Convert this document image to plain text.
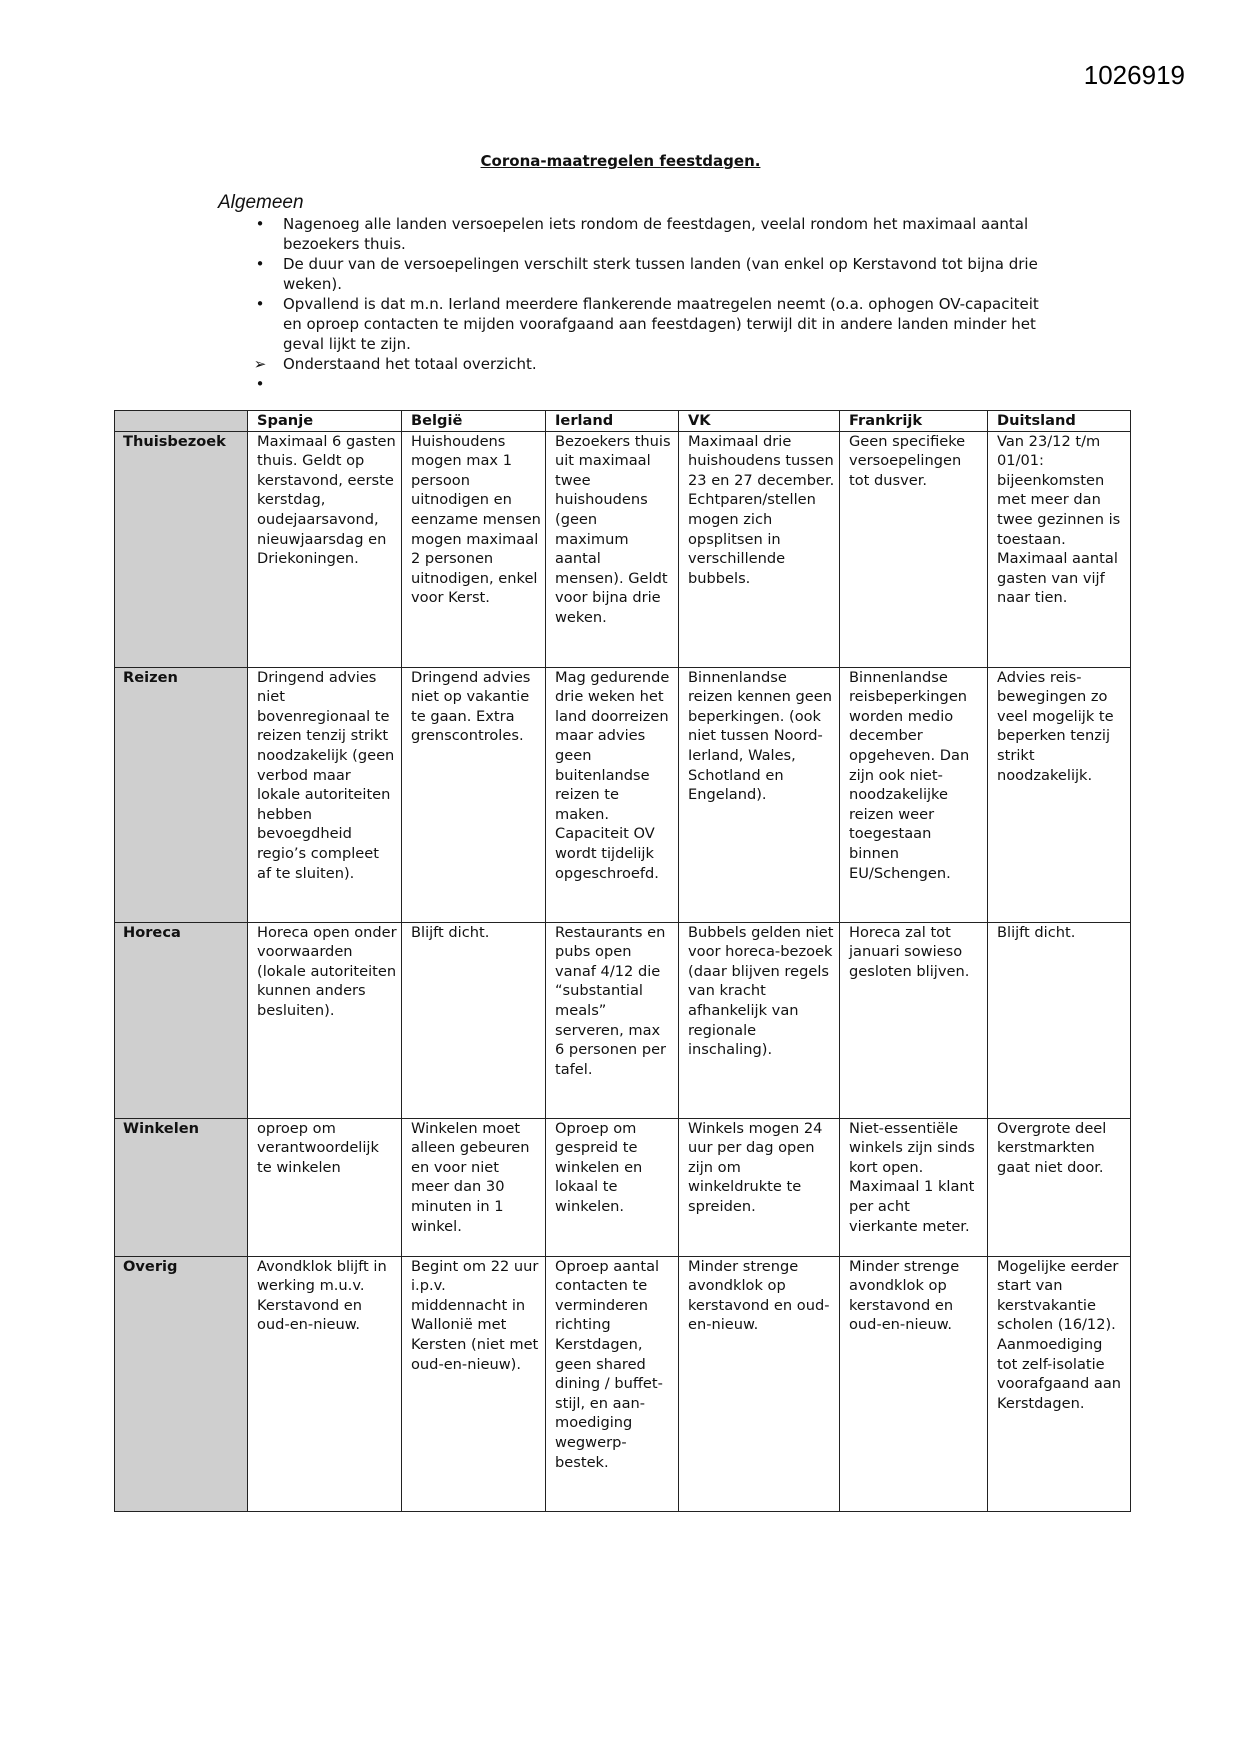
1026919
Corona-maatregelen feestdagen.
Algemeen
•	Nagenoeg alle landen versoepelen iets rondom de feestdagen, veelal rondom het maximaal aantal bezoekers thuis.
•	De duur van de versoepelingen verschilt sterk tussen landen (van enkel op Kerstavond tot bijna drie weken).
•	Opvallend is dat m.n. Ierland meerdere flankerende maatregelen neemt (o.a. ophogen OV-capaciteit en oproep contacten te mijden voorafgaand aan feestdagen) terwijl dit in andere landen minder het geval lijkt te zijn.
➢ Onderstaand het totaal overzicht.
•
	Spanje	België	Ierland	VK	Frankrijk	Duitsland
Thuisbezoek	Maximaal 6 gasten thuis. Geldt op kerstavond, eerste kerstdag, oudejaarsavond, nieuwjaarsdag en Driekoningen.	Huishoudens mogen max 1 persoon uitnodigen en eenzame mensen mogen maximaal 2 personen uitnodigen, enkel voor Kerst.	Bezoekers thuis uit maximaal twee huishoudens (geen maximum aantal mensen). Geldt voor bijna drie weken.	Maximaal drie huishoudens tussen 23 en 27 december. Echtparen/stellen mogen zich opsplitsen in verschillende bubbels.	Geen specifieke versoepelingen tot dusver.	Van 23/12 t/m 01/01: bijeenkomsten met meer dan twee gezinnen is toestaan. Maximaal aantal gasten van vijf naar tien.
Reizen	Dringend advies niet bovenregionaal te reizen tenzij strikt noodzakelijk (geen verbod maar lokale autoriteiten hebben bevoegdheid regio’s compleet af te sluiten).	Dringend advies niet op vakantie te gaan. Extra grenscontroles.	Mag gedurende drie weken het land doorreizen maar advies geen buitenlandse reizen te maken. Capaciteit OV wordt tijdelijk opgeschroefd.	Binnenlandse reizen kennen geen beperkingen. (ook niet tussen Noord-Ierland, Wales, Schotland en Engeland).	Binnenlandse reisbeperkingen worden medio december opgeheven. Dan zijn ook niet-noodzakelijke reizen weer toegestaan binnen EU/Schengen.	Advies reis-bewegingen zo veel mogelijk te beperken tenzij strikt noodzakelijk.
Horeca	Horeca open onder voorwaarden (lokale autoriteiten kunnen anders besluiten).	Blijft dicht.	Restaurants en pubs open vanaf 4/12 die “substantial meals” serveren, max 6 personen per tafel.	Bubbels gelden niet voor horeca-bezoek (daar blijven regels van kracht afhankelijk van regionale inschaling).	Horeca zal tot januari sowieso gesloten blijven.	Blijft dicht.
Winkelen	oproep om verantwoordelijk te winkelen	Winkelen moet alleen gebeuren en voor niet meer dan 30 minuten in 1 winkel.	Oproep om gespreid te winkelen en lokaal te winkelen.	Winkels mogen 24 uur per dag open zijn om winkeldrukte te spreiden.	Niet-essentiële winkels zijn sinds kort open. Maximaal 1 klant per acht vierkante meter.	Overgrote deel kerstmarkten gaat niet door.
Overig	Avondklok blijft in werking m.u.v. Kerstavond en oud-en-nieuw.	Begint om 22 uur i.p.v. middennacht in Wallonië met Kersten (niet met oud-en-nieuw).	Oproep aantal contacten te verminderen richting Kerstdagen, geen shared dining / buffet-stijl, en aan-moediging wegwerp-bestek.	Minder strenge avondklok op kerstavond en oud-en-nieuw.	Minder strenge avondklok op kerstavond en oud-en-nieuw.	Mogelijke eerder start van kerstvakantie scholen (16/12). Aanmoediging tot zelf-isolatie voorafgaand aan Kerstdagen.
